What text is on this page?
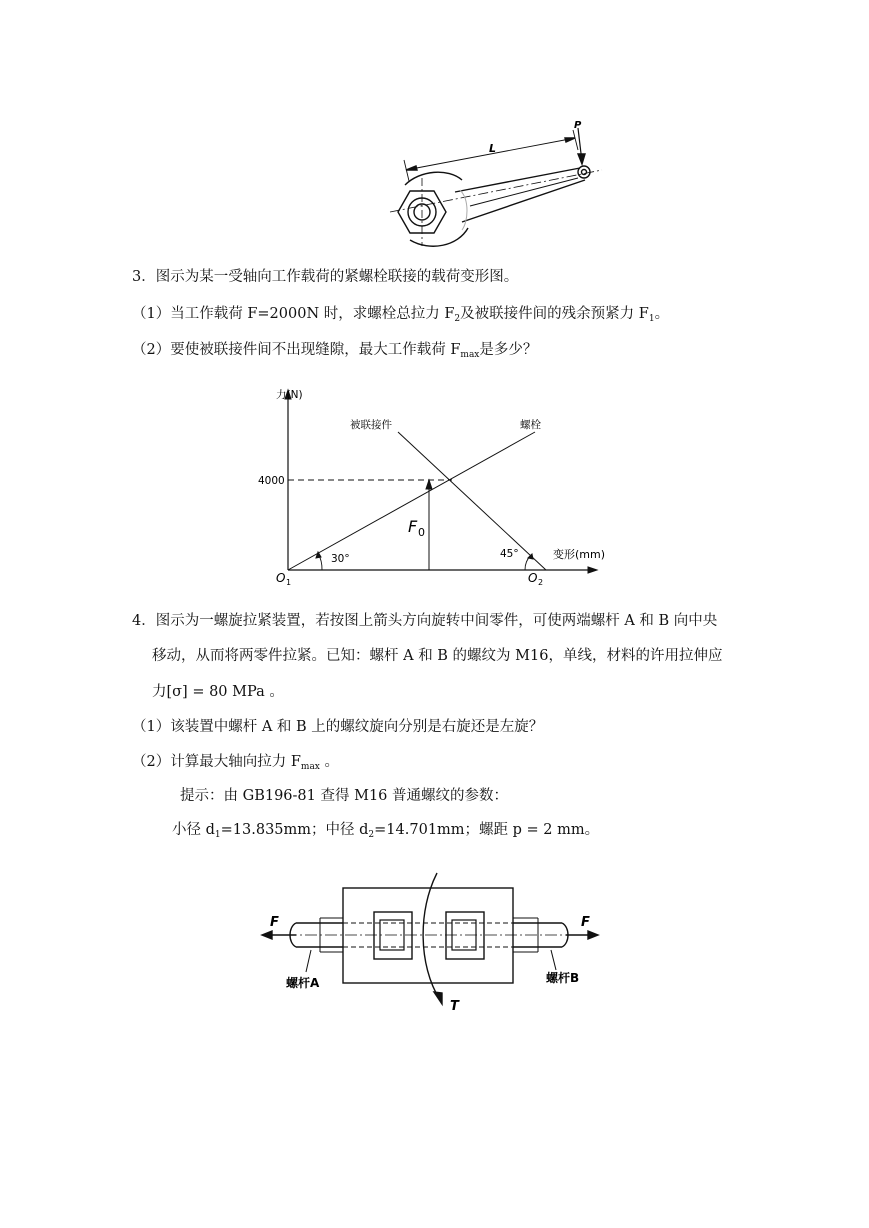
L
P
3．图示为某一受轴向工作载荷的紧螺栓联接的载荷变形图。
（1）当工作载荷 F=2000N 时，求螺栓总拉力 $F_2$及被联接件间的残余预紧力 $F_1$。
（2）要使被联接件间不出现缝隙，最大工作载荷 $F_{max}$是多少？
力(N)
变形(mm)
4000
被联接件	螺栓
30°	45°
F 0
O 1	O 2
4．图示为一螺旋拉紧装置，若按图上箭头方向旋转中间零件，可使两端螺杆 A 和 B 向中央
移动，从而将两零件拉紧。已知：螺杆 A 和 B 的螺纹为 M16，单线，材料的许用拉伸应
力[σ] = 80 MPa 。
（1）该装置中螺杆 A 和 B 上的螺纹旋向分别是右旋还是左旋？
（2）计算最大轴向拉力 $F_{max}$ 。
提示：由 GB196-81 查得 M16 普通螺纹的参数：
小径 $d_1=13.835mm$；中径 $d_2=14.701mm$；螺距 p = 2 mm。
F	F
螺杆A	螺杆B
T
